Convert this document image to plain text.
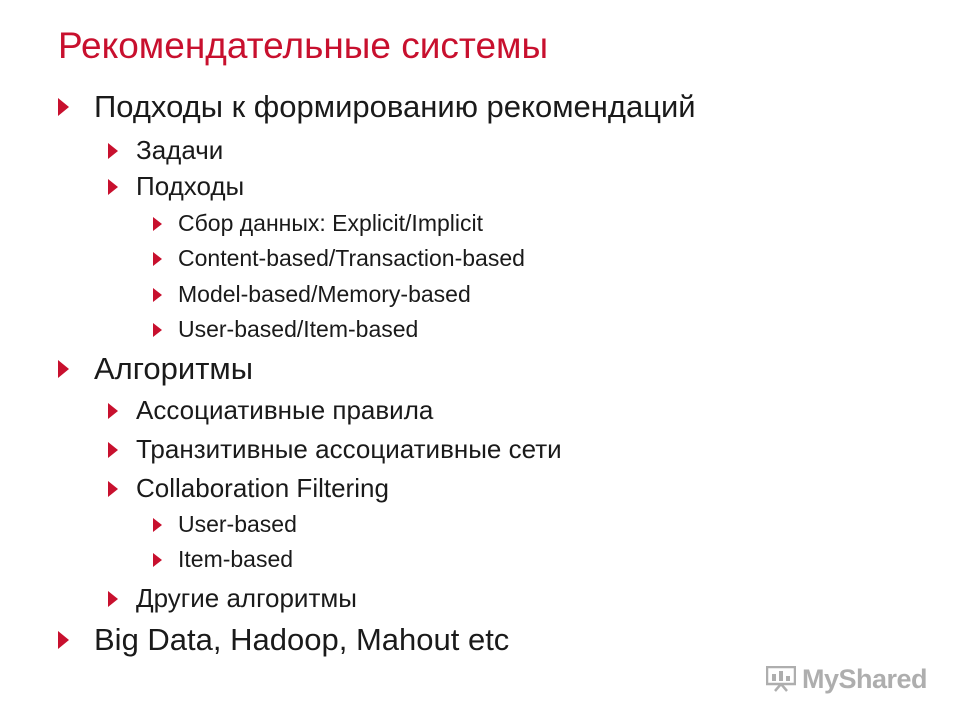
Рекомендательные системы
Подходы к формированию рекомендаций
Задачи
Подходы
Сбор данных: Explicit/Implicit
Content-based/Transaction-based
Model-based/Memory-based
User-based/Item-based
Алгоритмы
Ассоциативные правила
Транзитивные ассоциативные сети
Collaboration Filtering
User-based
Item-based
Другие алгоритмы
Big Data, Hadoop, Mahout etc
MyShared
